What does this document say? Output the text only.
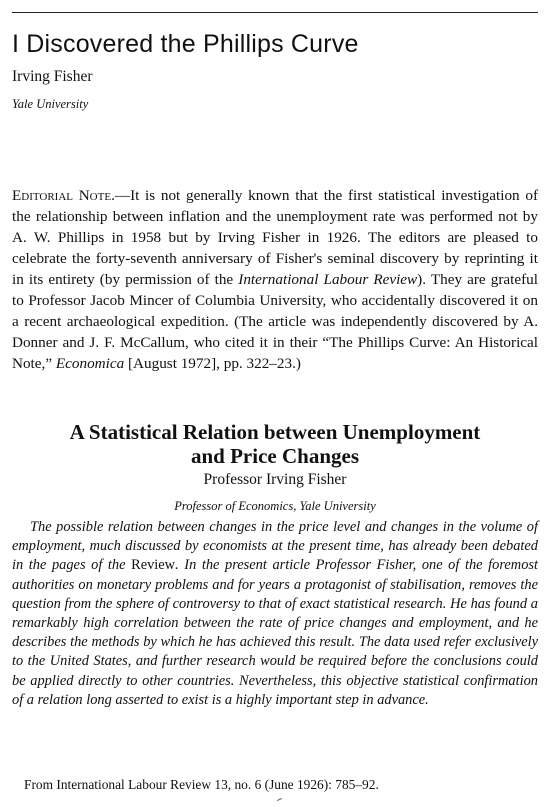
I Discovered the Phillips Curve
Irving Fisher
Yale University
Editorial Note.—It is not generally known that the first statistical investigation of the relationship between inflation and the unemployment rate was performed not by A. W. Phillips in 1958 but by Irving Fisher in 1926. The editors are pleased to celebrate the forty-seventh anniversary of Fisher's seminal discovery by reprinting it in its entirety (by permission of the International Labour Review). They are grateful to Professor Jacob Mincer of Columbia University, who accidentally discovered it on a recent archaeological expedition. (The article was independently discovered by A. Donner and J. F. McCallum, who cited it in their “The Phillips Curve: An Historical Note,” Economica [August 1972], pp. 322–23.)
A Statistical Relation between Unemployment
and Price Changes
Professor Irving Fisher
Professor of Economics, Yale University
The possible relation between changes in the price level and changes in the volume of employment, much discussed by economists at the present time, has already been debated in the pages of the Review. In the present article Professor Fisher, one of the foremost authorities on monetary problems and for years a protagonist of stabilisation, removes the question from the sphere of controversy to that of exact statistical research. He has found a remarkably high correlation between the rate of price changes and employment, and he describes the methods by which he has achieved this result. The data used refer exclusively to the United States, and further research would be required before the conclusions could be applied directly to other countries. Nevertheless, this objective statistical confirmation of a relation long asserted to exist is a highly important step in advance.
From International Labour Review 13, no. 6 (June 1926): 785–92.
